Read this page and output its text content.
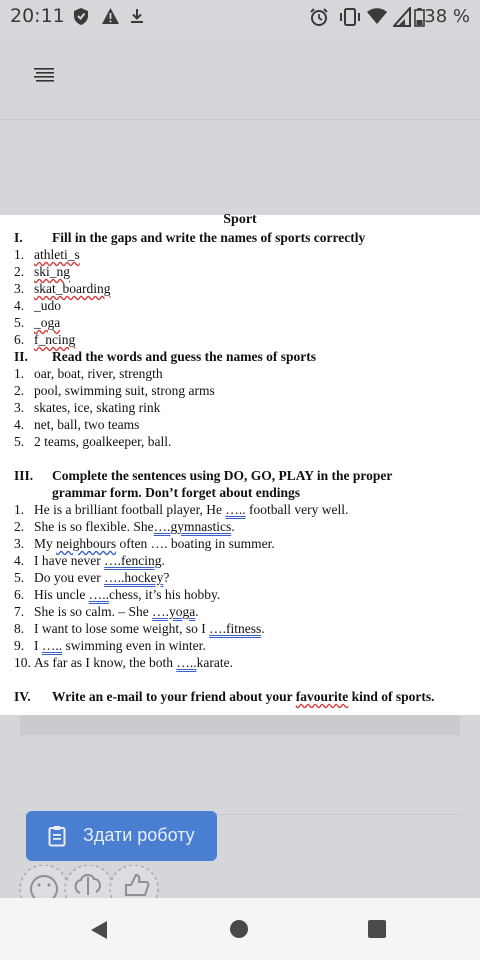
20:11	38 %
Sport
I. Fill in the gaps and write the names of sports correctly
1. athleti_s
2. ski_ng
3. skat_boarding
4. _udo
5. _oga
6. f_ncing
II. Read the words and guess the names of sports
1. oar, boat, river, strength
2. pool, swimming suit, strong arms
3. skates, ice, skating rink
4. net, ball, two teams
5. 2 teams, goalkeeper, ball.
III. Complete the sentences using DO, GO, PLAY in the proper
grammar form. Don’t forget about endings
1. He is a brilliant football player, He ….. football very well.
2. She is so flexible. She….gymnastics.
3. My neighbours often …. boating in summer.
4. I have never ….fencing.
5. Do you ever …..hockey?
6. His uncle …..chess, it’s his hobby.
7. She is so calm. – She ….yoga.
8. I want to lose some weight, so I ….fitness.
9. I ….. swimming even in winter.
10. As far as I know, the both …..karate.
IV. Write an e-mail to your friend about your favourite kind of sports.
Здати роботу
